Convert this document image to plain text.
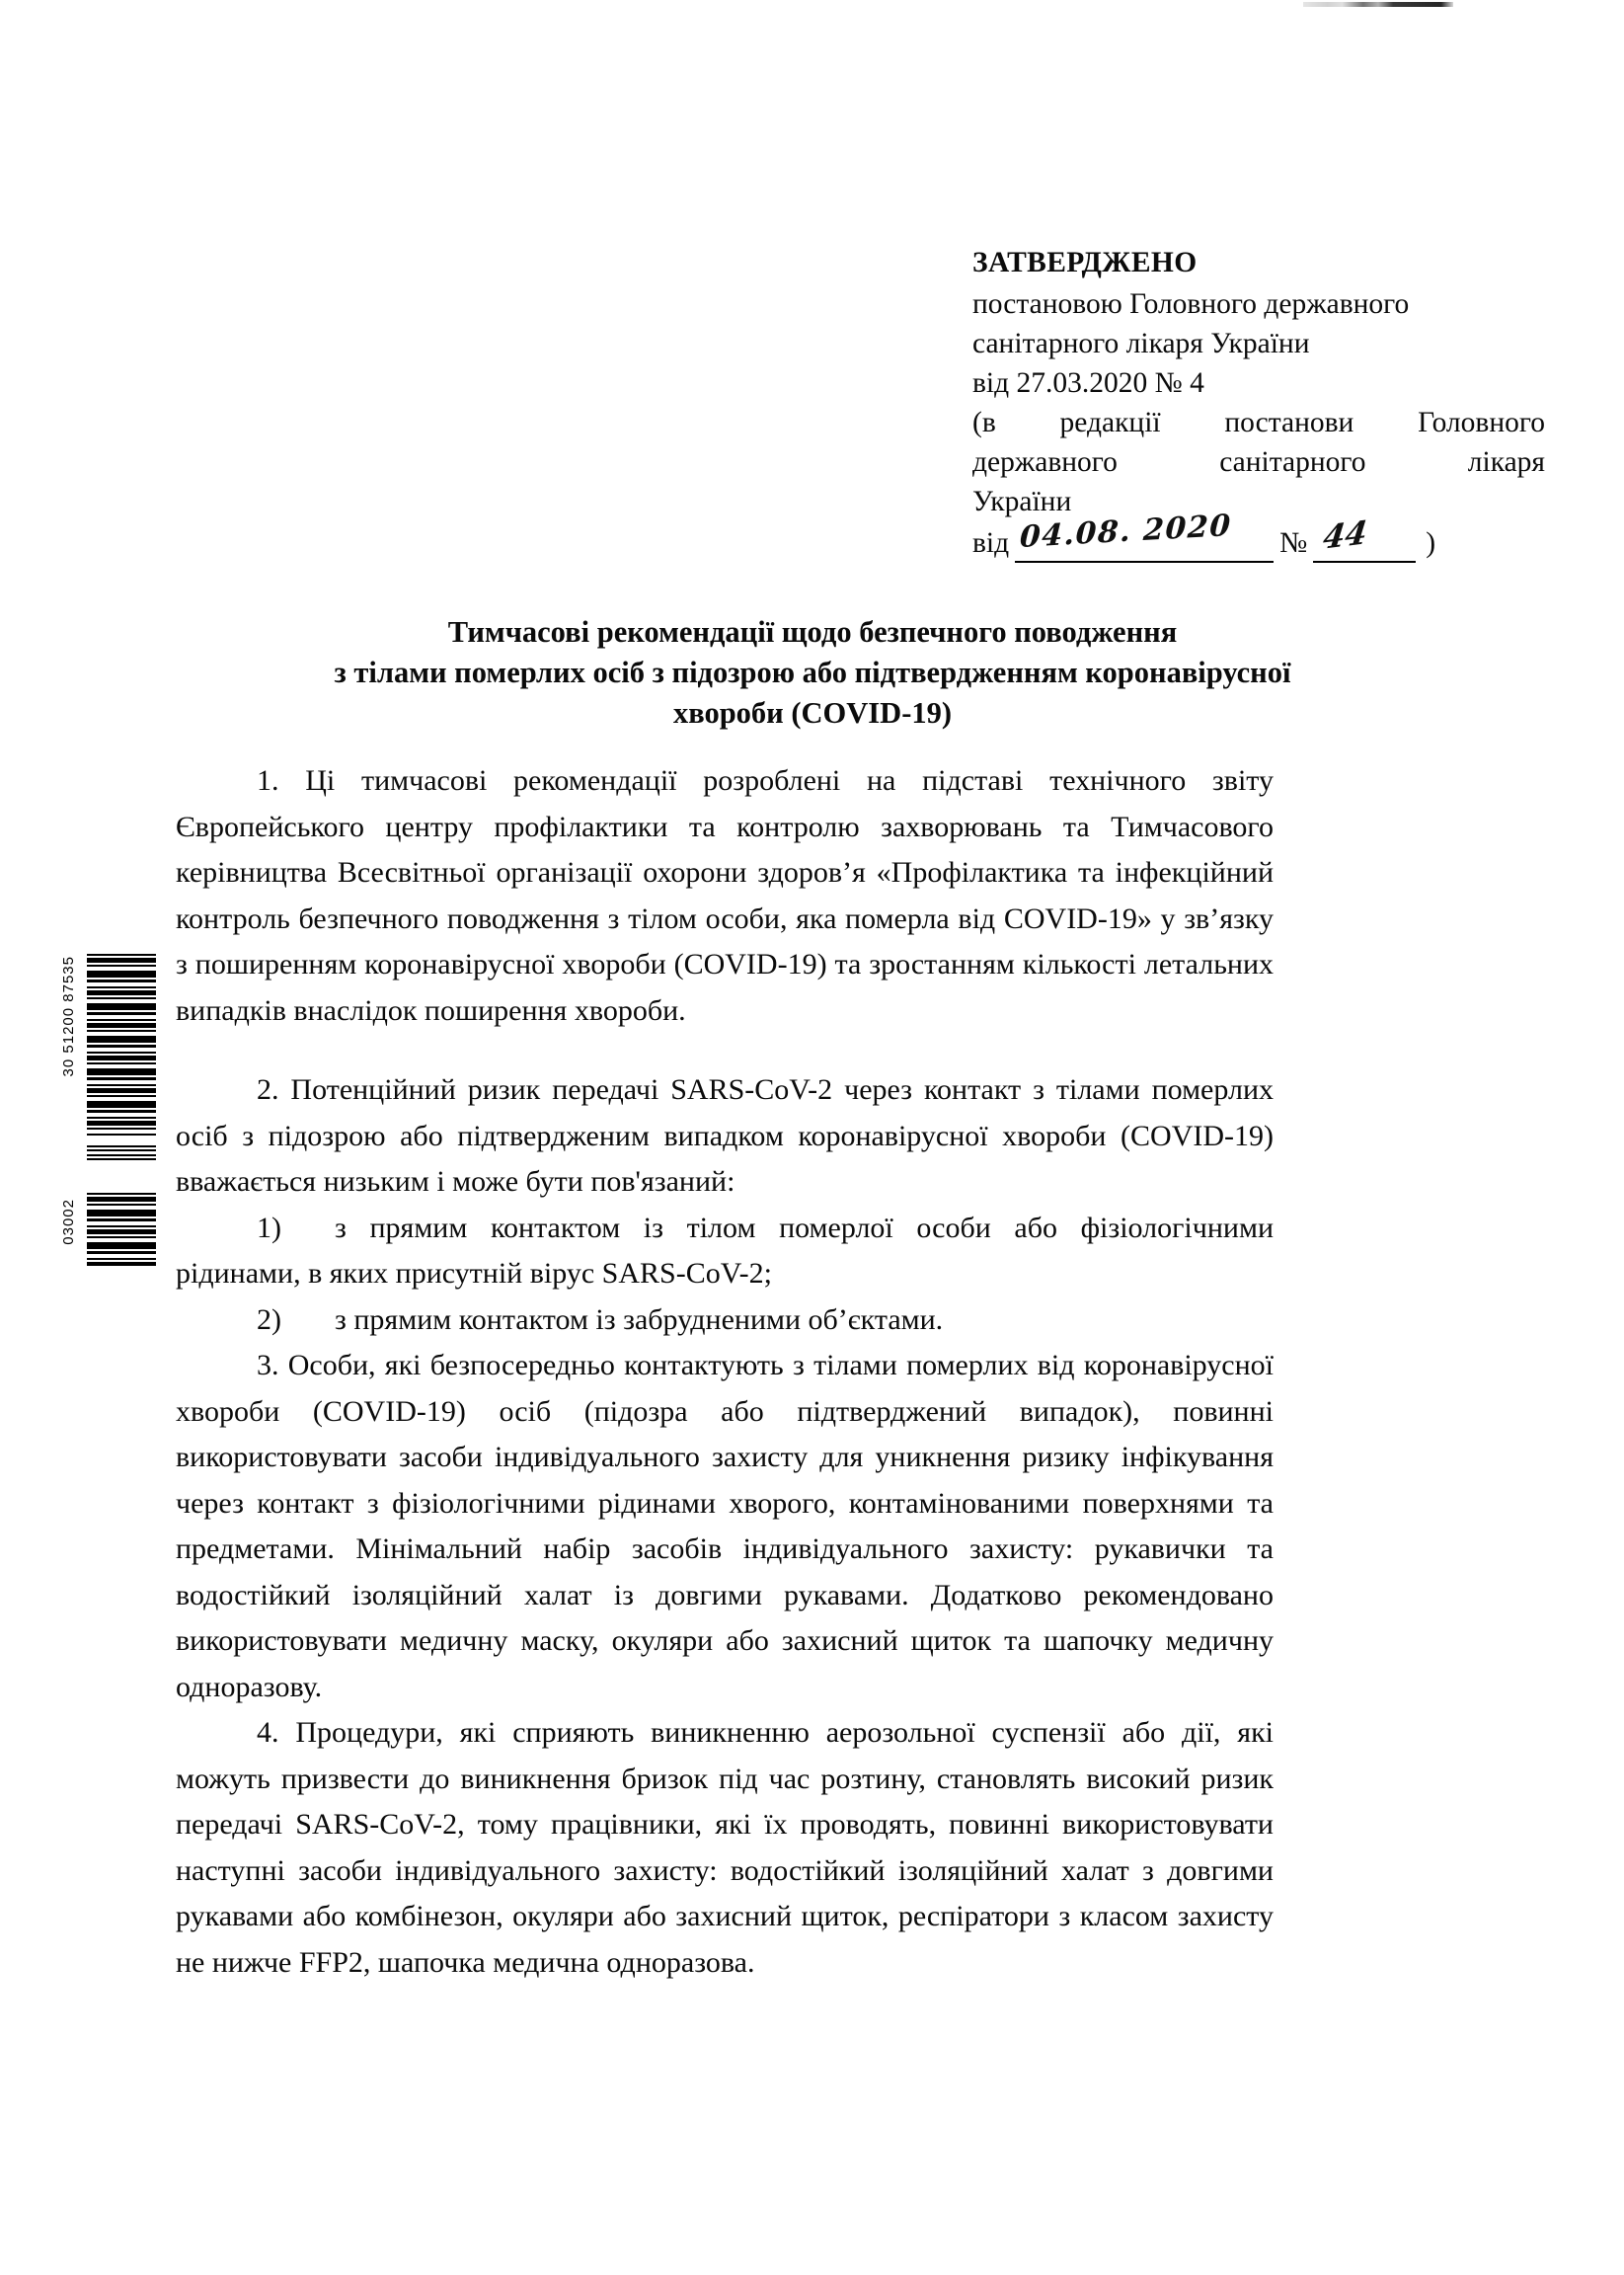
30 51200 87535
03002
ЗАТВЕРДЖЕНО
постановою Головного державного
санітарного лікаря України
від 27.03.2020 № 4
(в редакції постанови Головного
державного санітарного лікаря
України
від 04.08. 2020 № 44 )
Тимчасові рекомендації щодо безпечного поводження
з тілами померлих осіб з підозрою або підтвердженням коронавірусної
хвороби (COVID-19)

1. Ці тимчасові рекомендації розроблені на підставі технічного звіту Європейського центру профілактики та контролю захворювань та Тимчасового керівництва Всесвітньої організації охорони здоров’я «Профілактика та інфекційний контроль безпечного поводження з тілом особи, яка померла від COVID-19» у зв’язку з поширенням коронавірусної хвороби (COVID-19) та зростанням кількості летальних випадків внаслідок поширення хвороби.

2. Потенційний ризик передачі SARS-CoV-2 через контакт з тілами померлих осіб з підозрою або підтвердженим випадком коронавірусної хвороби (COVID-19) вважається низьким і може бути пов'язаний:

1) з прямим контактом із тілом померлої особи або фізіологічними рідинами, в яких присутній вірус SARS-CoV-2;

2) з прямим контактом із забрудненими об’єктами.

3. Особи, які безпосередньо контактують з тілами померлих від коронавірусної хвороби (COVID-19) осіб (підозра або підтверджений випадок), повинні використовувати засоби індивідуального захисту для уникнення ризику інфікування через контакт з фізіологічними рідинами хворого, контамінованими поверхнями та предметами. Мінімальний набір засобів індивідуального захисту: рукавички та водостійкий ізоляційний халат із довгими рукавами. Додатково рекомендовано використовувати медичну маску, окуляри або захисний щиток та шапочку медичну одноразову.

4. Процедури, які сприяють виникненню аерозольної суспензії або дії, які можуть призвести до виникнення бризок під час розтину, становлять високий ризик передачі SARS-CoV-2, тому працівники, які їх проводять, повинні використовувати наступні засоби індивідуального захисту: водостійкий ізоляційний халат з довгими рукавами або комбінезон, окуляри або захисний щиток, респіратори з класом захисту не нижче FFP2, шапочка медична одноразова.
